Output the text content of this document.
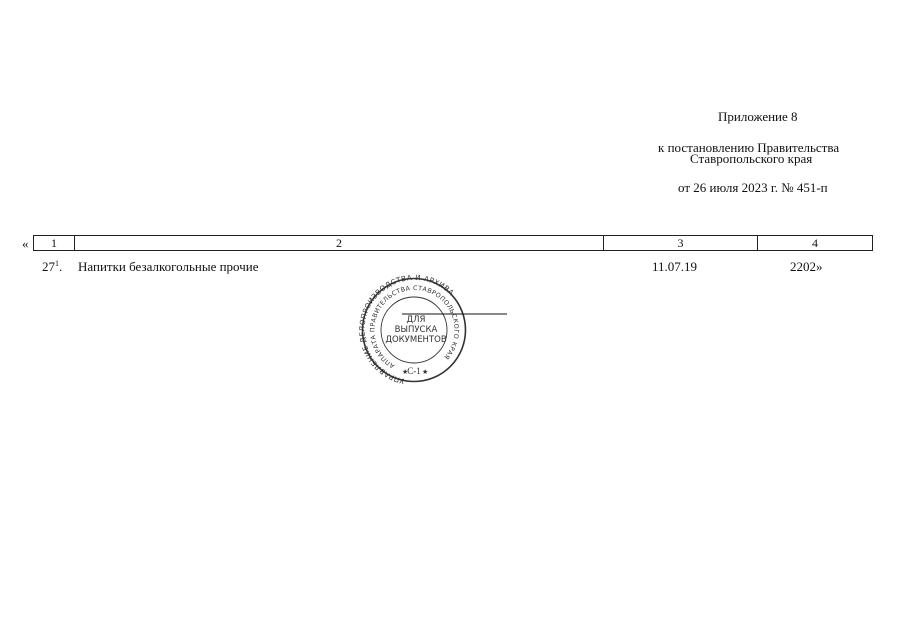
Приложение 8
к постановлению Правительства
Ставропольского края
от 26 июля 2023 г. № 451-п
« 1	2	3	4
$27^1$. Напитки безалкогольные прочие	11.07.19	2202»
УПРАВЛЕНИЕ ДЕЛОПРОИЗВОДСТВА И АРХИВА
АППАРАТА ПРАВИТЕЛЬСТВА СТАВРОПОЛЬСКОГО КРАЯ
ДЛЯ
ВЫПУСКА
ДОКУМЕНТОВ
★
С-1 ★
